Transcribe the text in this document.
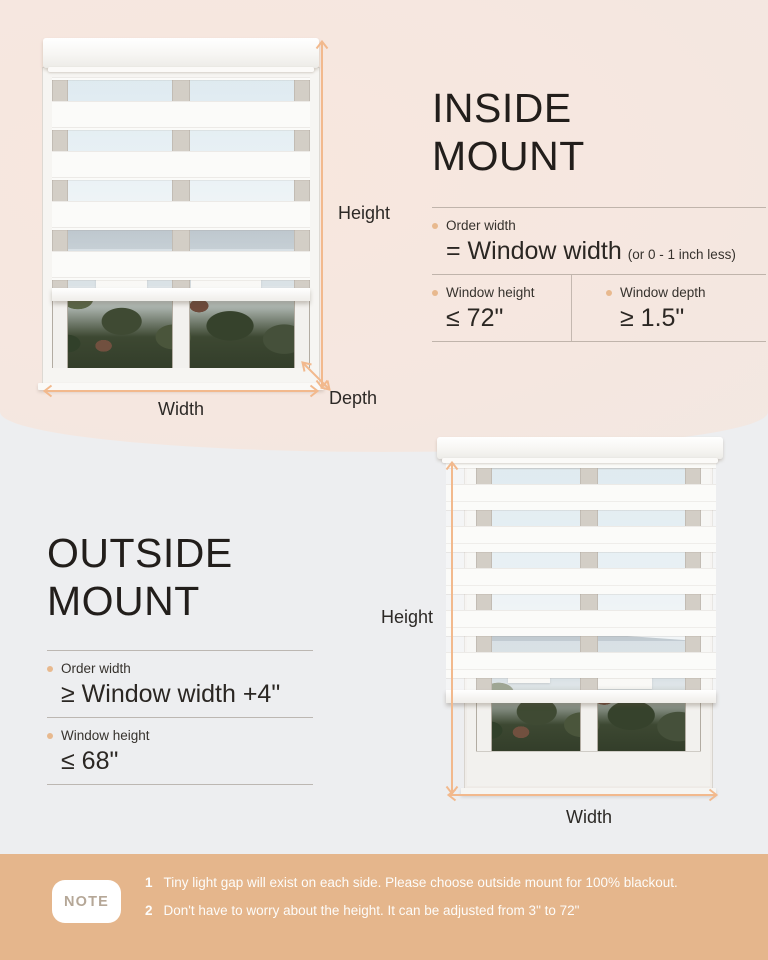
Height
Width
Depth
INSIDE
MOUNT
Order width
= Window width (or 0 - 1 inch less)
Window height
≤ 72"
Window depth
≥ 1.5"
Height
Width
OUTSIDE
MOUNT
Order width
≥ Window width +4"
Window height
≤ 68"
NOTE
1 Tiny light gap will exist on each side. Please choose outside mount for 100% blackout.
2 Don't have to worry about the height. It can be adjusted from 3" to 72"
